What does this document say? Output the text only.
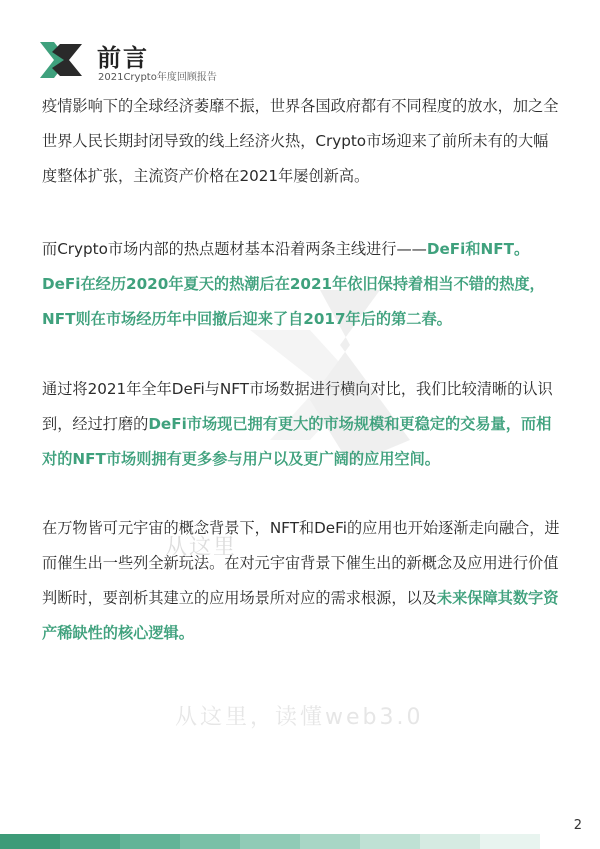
前言
2021Crypto年度回顾报告
从这里
从这里，读懂web3.0

疫情影响下的全球经济萎靡不振，世界各国政府都有不同程度的放水，加之全世界人民长期封闭导致的线上经济火热，Crypto市场迎来了前所未有的大幅度整体扩张，主流资产价格在2021年屡创新高。

而Crypto市场内部的热点题材基本沿着两条主线进行——DeFi和NFT。DeFi在经历2020年夏天的热潮后在2021年依旧保持着相当不错的热度，NFT则在市场经历年中回撤后迎来了自2017年后的第二春。

通过将2021年全年DeFi与NFT市场数据进行横向对比，我们比较清晰的认识到，经过打磨的DeFi市场现已拥有更大的市场规模和更稳定的交易量，而相对的NFT市场则拥有更多参与用户以及更广阔的应用空间。

在万物皆可元宇宙的概念背景下，NFT和DeFi的应用也开始逐渐走向融合，进而催生出一些列全新玩法。在对元宇宙背景下催生出的新概念及应用进行价值判断时，要剖析其建立的应用场景所对应的需求根源，以及未来保障其数字资产稀缺性的核心逻辑。

2
